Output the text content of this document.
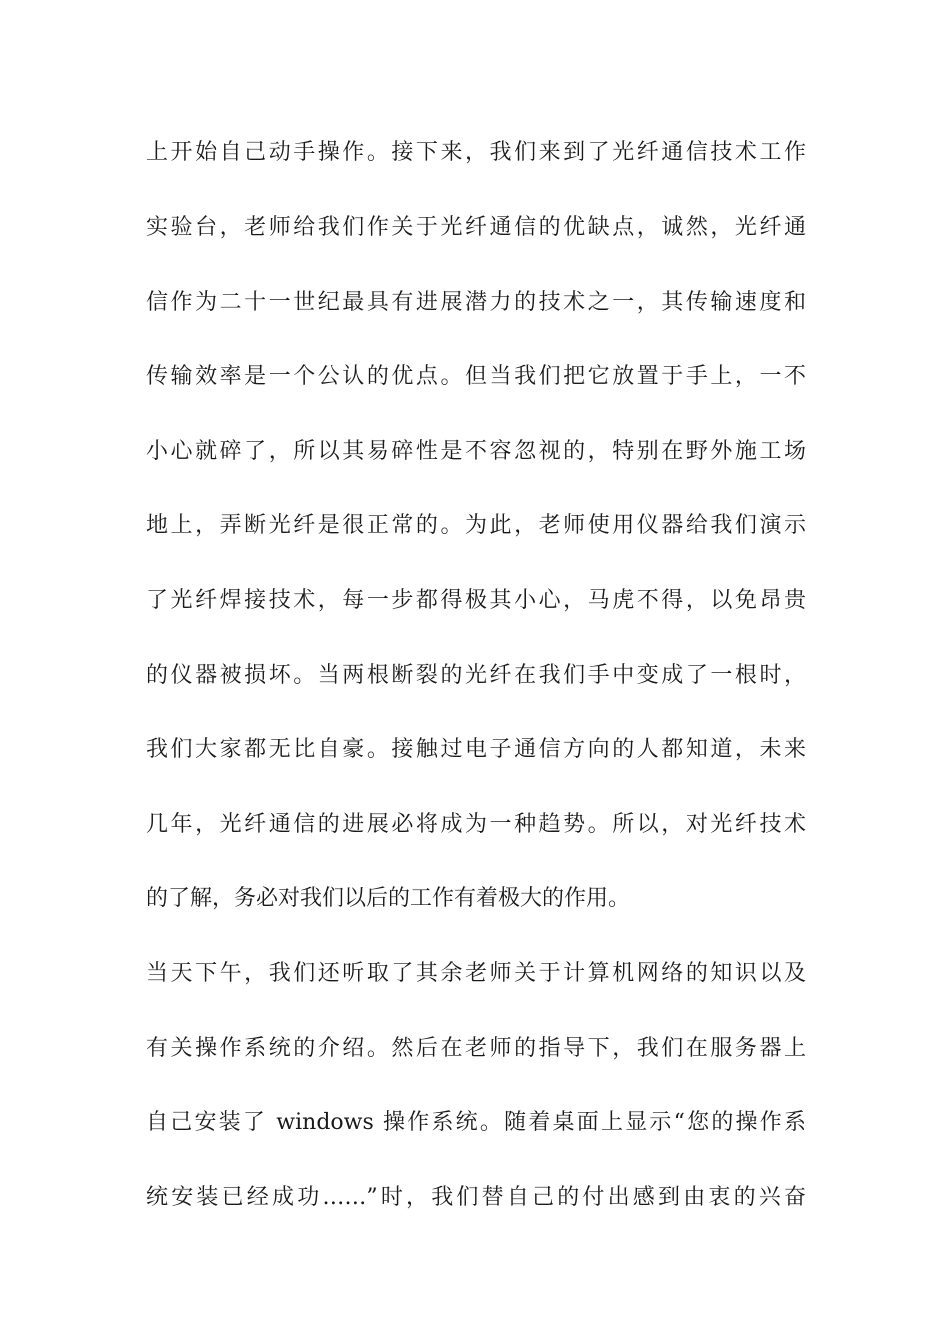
上开始自己动手操作。接下来，我们来到了光纤通信技术工作
实验台，老师给我们作关于光纤通信的优缺点，诚然，光纤通
信作为二十一世纪最具有进展潜力的技术之一，其传输速度和
传输效率是一个公认的优点。但当我们把它放置于手上，一不
小心就碎了，所以其易碎性是不容忽视的，特别在野外施工场
地上，弄断光纤是很正常的。为此，老师使用仪器给我们演示
了光纤焊接技术，每一步都得极其小心，马虎不得，以免昂贵
的仪器被损坏。当两根断裂的光纤在我们手中变成了一根时，
我们大家都无比自豪。接触过电子通信方向的人都知道，未来
几年，光纤通信的进展必将成为一种趋势。所以，对光纤技术
的了解，务必对我们以后的工作有着极大的作用。
当天下午，我们还听取了其余老师关于计算机网络的知识以及
有关操作系统的介绍。然后在老师的指导下，我们在服务器上
自己安装了 windows 操作系统。随着桌面上显示“您的操作系
统安装已经成功……”时，我们替自己的付出感到由衷的兴奋
